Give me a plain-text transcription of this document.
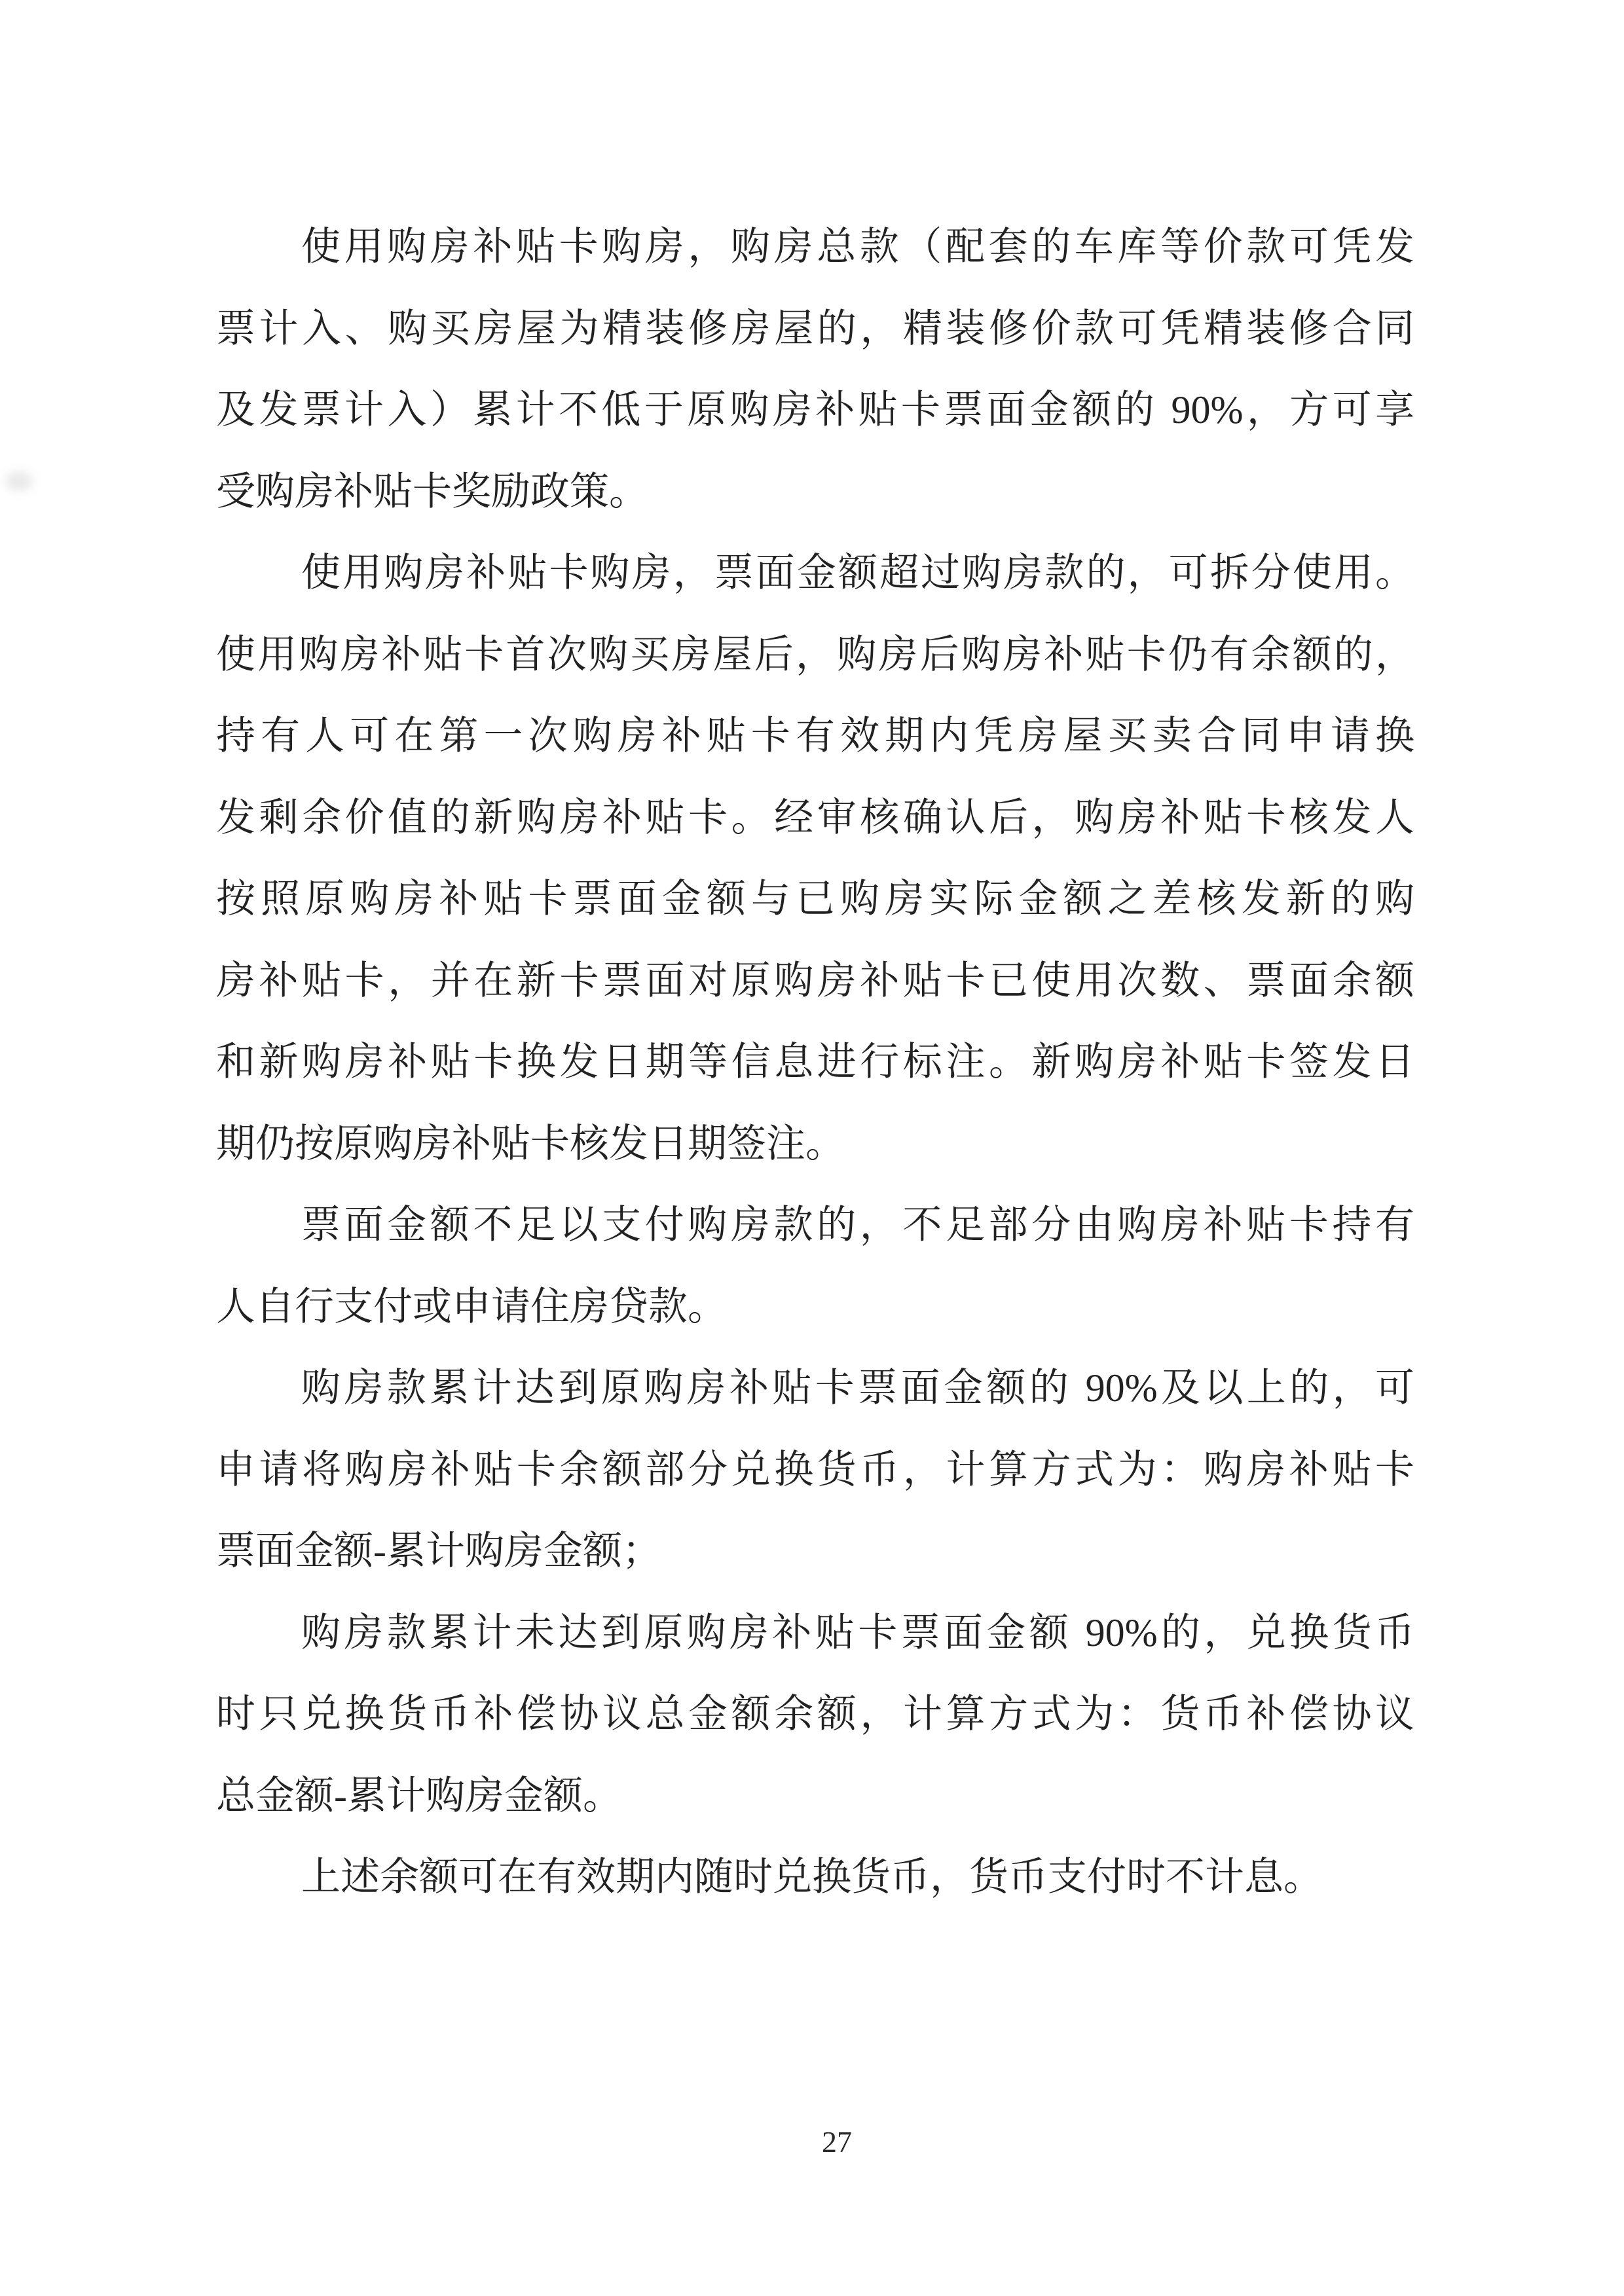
使用购房补贴卡购房，购房总款（配套的车库等价款可凭发
票计入、购买房屋为精装修房屋的，精装修价款可凭精装修合同
及发票计入）累计不低于原购房补贴卡票面金额的 90%，方可享
受购房补贴卡奖励政策。
使用购房补贴卡购房，票面金额超过购房款的，可拆分使用。
使用购房补贴卡首次购买房屋后，购房后购房补贴卡仍有余额的，
持有人可在第一次购房补贴卡有效期内凭房屋买卖合同申请换
发剩余价值的新购房补贴卡。经审核确认后，购房补贴卡核发人
按照原购房补贴卡票面金额与已购房实际金额之差核发新的购
房补贴卡，并在新卡票面对原购房补贴卡已使用次数、票面余额
和新购房补贴卡换发日期等信息进行标注。新购房补贴卡签发日
期仍按原购房补贴卡核发日期签注。
票面金额不足以支付购房款的，不足部分由购房补贴卡持有
人自行支付或申请住房贷款。
购房款累计达到原购房补贴卡票面金额的 90%及以上的，可
申请将购房补贴卡余额部分兑换货币，计算方式为：购房补贴卡
票面金额-累计购房金额；
购房款累计未达到原购房补贴卡票面金额 90%的，兑换货币
时只兑换货币补偿协议总金额余额，计算方式为：货币补偿协议
总金额-累计购房金额。
上述余额可在有效期内随时兑换货币，货币支付时不计息。
27
